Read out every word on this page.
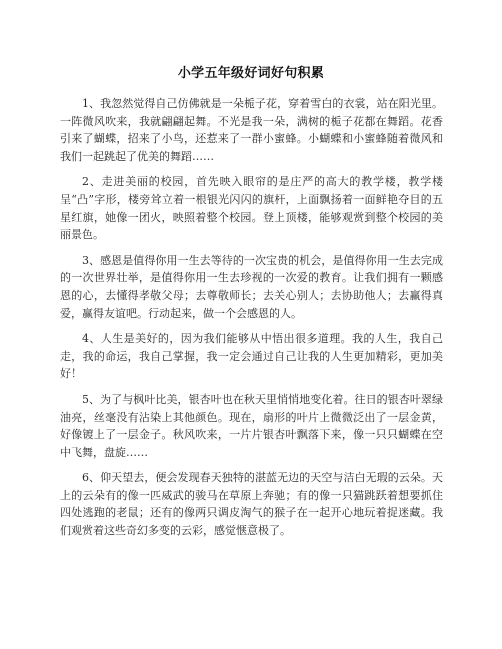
小学五年级好词好句积累

1、我忽然觉得自己仿佛就是一朵栀子花，穿着雪白的衣裳，站在阳光里。一阵微风吹来，我就翩翩起舞。不光是我一朵，满树的栀子花都在舞蹈。花香引来了蝴蝶，招来了小鸟，还惹来了一群小蜜蜂。小蝴蝶和小蜜蜂随着微风和我们一起跳起了优美的舞蹈……

2、走进美丽的校园，首先映入眼帘的是庄严的高大的教学楼，教学楼呈“凸”字形，楼旁耸立着一根银光闪闪的旗杆，上面飘扬着一面鲜艳夺目的五星红旗，她像一团火，映照着整个校园。登上顶楼，能够观赏到整个校园的美丽景色。

3、感恩是值得你用一生去等待的一次宝贵的机会，是值得你用一生去完成的一次世界壮举，是值得你用一生去珍视的一次爱的教育。让我们拥有一颗感恩的心，去懂得孝敬父母；去尊敬师长；去关心别人；去协助他人；去赢得真爱，赢得友谊吧。行动起来，做一个会感恩的人。

4、人生是美好的，因为我们能够从中悟出很多道理。我的人生，我自己走，我的命运，我自己掌握，我一定会通过自己让我的人生更加精彩，更加美好！

5、为了与枫叶比美，银杏叶也在秋天里悄悄地变化着。往日的银杏叶翠绿油亮，丝毫没有沾染上其他颜色。现在，扇形的叶片上微微泛出了一层金黄，好像镀上了一层金子。秋风吹来，一片片银杏叶飘落下来，像一只只蝴蝶在空中飞舞，盘旋……

6、仰天望去，便会发现春天独特的湛蓝无边的天空与洁白无瑕的云朵。天上的云朵有的像一匹威武的骏马在草原上奔驰；有的像一只猫跳跃着想要抓住四处逃跑的老鼠；还有的像两只调皮淘气的猴子在一起开心地玩着捉迷藏。我们观赏着这些奇幻多变的云彩，感觉惬意极了。
